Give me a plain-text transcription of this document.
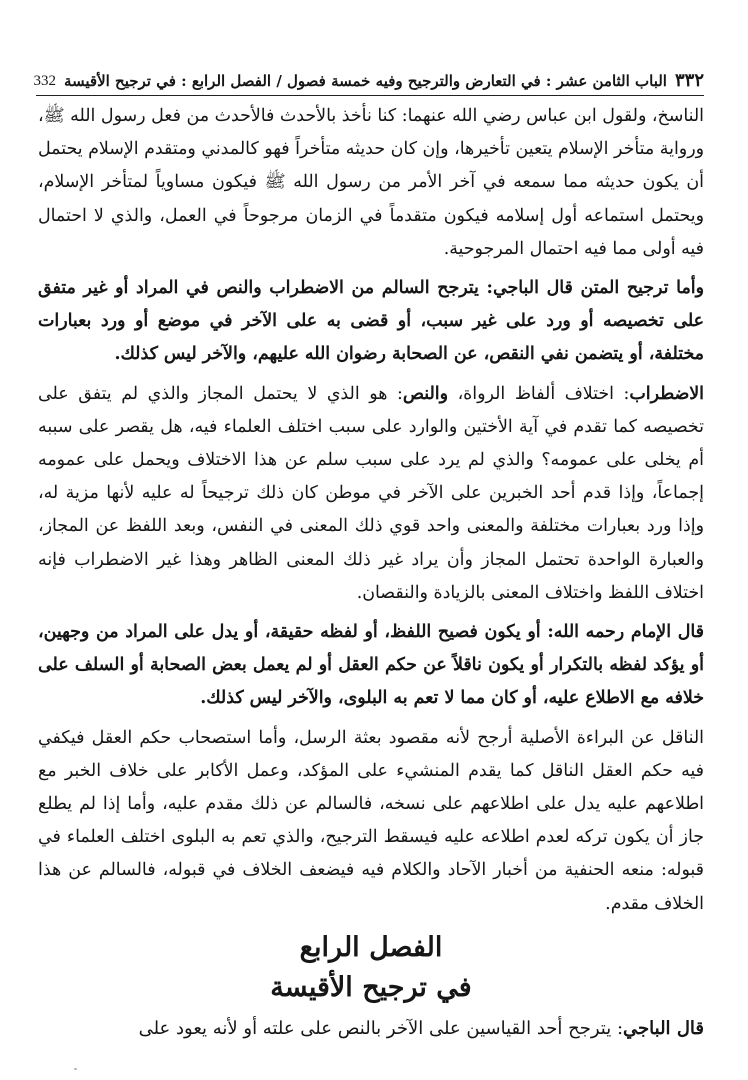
٣٣٢
الباب الثامن عشر : في التعارض والترجيح وفيه خمسة فصول / الفصل الرابع : في ترجيح الأقيسة
332

الناسخ، ولقول ابن عباس رضي الله عنهما: كنا نأخذ بالأحدث فالأحدث من فعل رسول الله ﷺ، ورواية متأخر الإسلام يتعين تأخيرها، وإن كان حديثه متأخراً فهو كالمدني ومتقدم الإسلام يحتمل أن يكون حديثه مما سمعه في آخر الأمر من رسول الله ﷺ فيكون مساوياً لمتأخر الإسلام، ويحتمل استماعه أول إسلامه فيكون متقدماً في الزمان مرجوحاً في العمل، والذي لا احتمال فيه أولى مما فيه احتمال المرجوحية.

وأما ترجيح المتن قال الباجي: يترجح السالم من الاضطراب والنص في المراد أو غير متفق على تخصيصه أو ورد على غير سبب، أو قضى به على الآخر في موضع أو ورد بعبارات مختلفة، أو يتضمن نفي النقص، عن الصحابة رضوان الله عليهم، والآخر ليس كذلك.

الاضطراب: اختلاف ألفاظ الرواة، والنص: هو الذي لا يحتمل المجاز والذي لم يتفق على تخصيصه كما تقدم في آية الأختين والوارد على سبب اختلف العلماء فيه، هل يقصر على سببه أم يخلى على عمومه؟ والذي لم يرد على سبب سلم عن هذا الاختلاف ويحمل على عمومه إجماعاً، وإذا قدم أحد الخبرين على الآخر في موطن كان ذلك ترجيحاً له عليه لأنها مزية له، وإذا ورد بعبارات مختلفة والمعنى واحد قوي ذلك المعنى في النفس، وبعد اللفظ عن المجاز، والعبارة الواحدة تحتمل المجاز وأن يراد غير ذلك المعنى الظاهر وهذا غير الاضطراب فإنه اختلاف اللفظ واختلاف المعنى بالزيادة والنقصان.

قال الإمام رحمه الله: أو يكون فصيح اللفظ، أو لفظه حقيقة، أو يدل على المراد من وجهين، أو يؤكد لفظه بالتكرار أو يكون ناقلاً عن حكم العقل أو لم يعمل بعض الصحابة أو السلف على خلافه مع الاطلاع عليه، أو كان مما لا تعم به البلوى، والآخر ليس كذلك.

الناقل عن البراءة الأصلية أرجح لأنه مقصود بعثة الرسل، وأما استصحاب حكم العقل فيكفي فيه حكم العقل الناقل كما يقدم المنشيء على المؤكد، وعمل الأكابر على خلاف الخبر مع اطلاعهم عليه يدل على اطلاعهم على نسخه، فالسالم عن ذلك مقدم عليه، وأما إذا لم يطلع جاز أن يكون تركه لعدم اطلاعه عليه فيسقط الترجيح، والذي تعم به البلوى اختلف العلماء في قبوله: منعه الحنفية من أخبار الآحاد والكلام فيه فيضعف الخلاف في قبوله، فالسالم عن هذا الخلاف مقدم.

الفصل الرابع

في ترجيح الأقيسة

قال الباجي: يترجح أحد القياسين على الآخر بالنص على علته أو لأنه يعود على
